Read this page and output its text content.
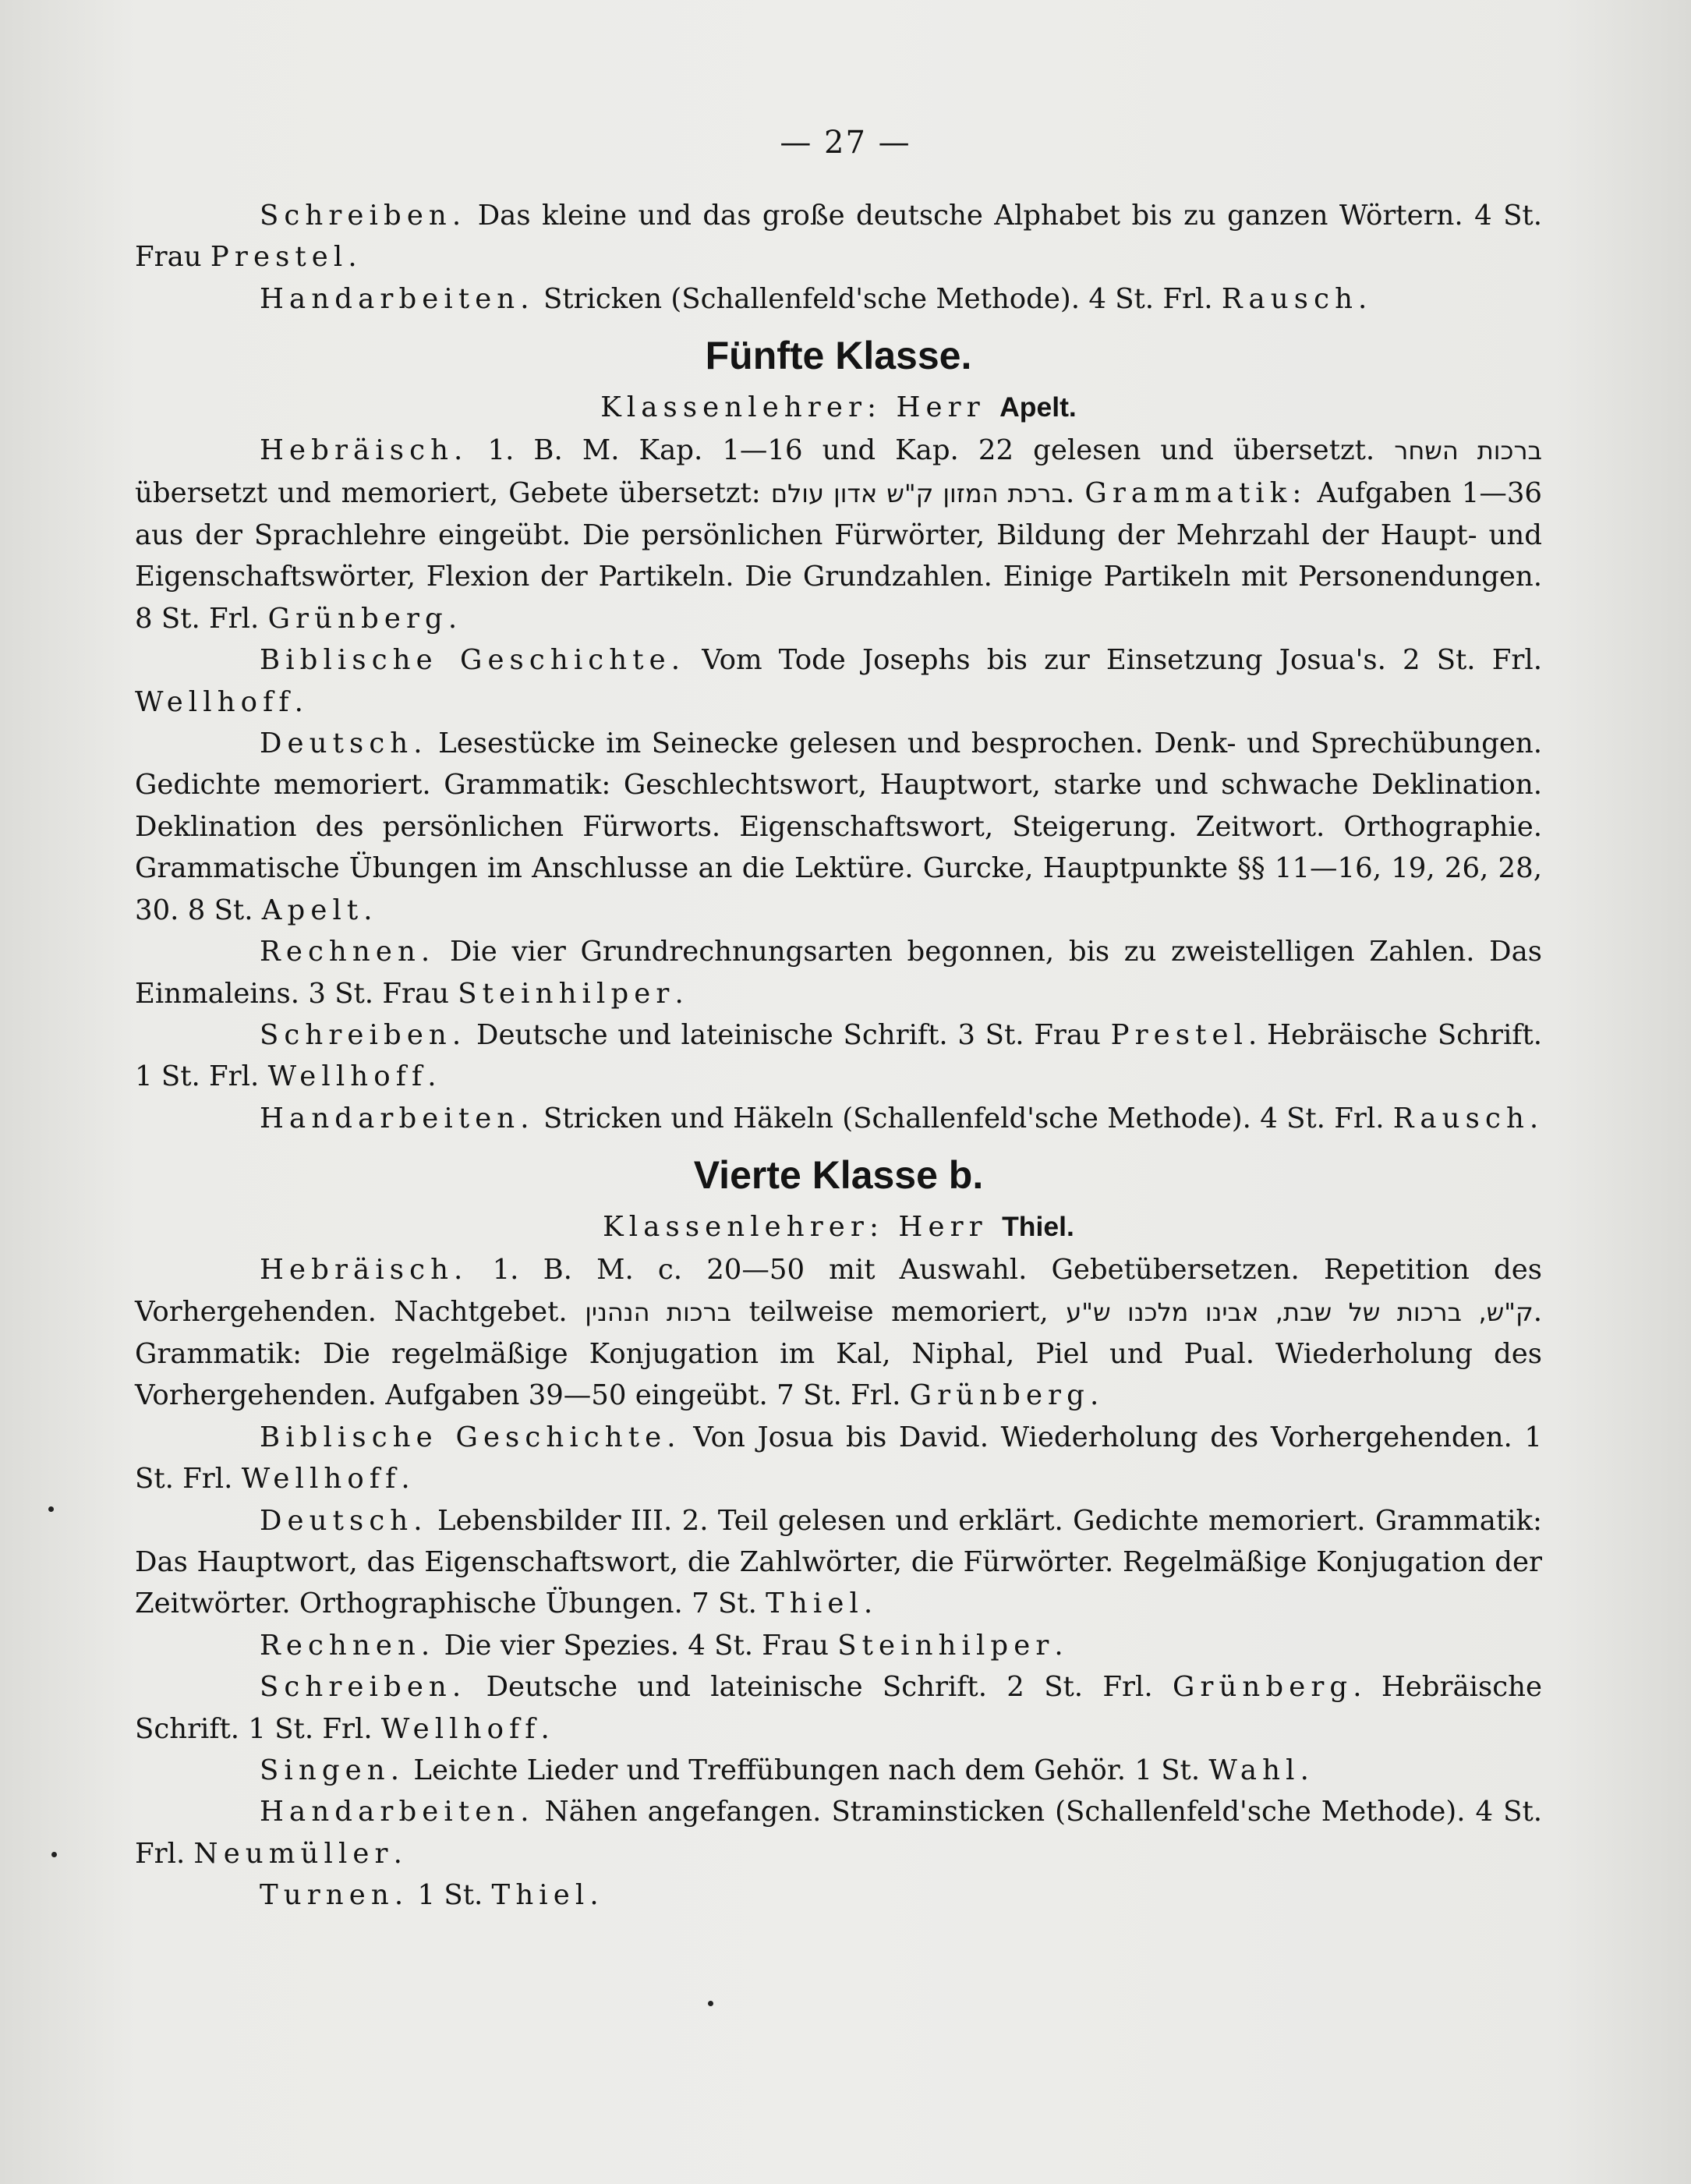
— 27 —

Schreiben. Das kleine und das große deutsche Alphabet bis zu ganzen Wörtern. 4 St. Frau Prestel.

Handarbeiten. Stricken (Schallenfeld'sche Methode). 4 St. Frl. Rausch.

Fünfte Klasse.

Klassenlehrer: Herr Apelt.

Hebräisch. 1. B. M. Kap. 1—16 und Kap. 22 gelesen und übersetzt. ברכות השחר übersetzt und memoriert, Gebete übersetzt: ברכת המזון ק"ש אדון עולם. Grammatik: Aufgaben 1—36 aus der Sprachlehre eingeübt. Die persönlichen Fürwörter, Bildung der Mehrzahl der Haupt- und Eigenschaftswörter, Flexion der Partikeln. Die Grundzahlen. Einige Partikeln mit Personendungen. 8 St. Frl. Grünberg.

Biblische Geschichte. Vom Tode Josephs bis zur Einsetzung Josua's. 2 St. Frl. Wellhoff.

Deutsch. Lesestücke im Seinecke gelesen und besprochen. Denk- und Sprechübungen. Gedichte memoriert. Grammatik: Geschlechtswort, Hauptwort, starke und schwache Deklination. Deklination des persönlichen Fürworts. Eigenschaftswort, Steigerung. Zeitwort. Orthographie. Grammatische Übungen im Anschlusse an die Lektüre. Gurcke, Hauptpunkte §§ 11—16, 19, 26, 28, 30. 8 St. Apelt.

Rechnen. Die vier Grundrechnungsarten begonnen, bis zu zweistelligen Zahlen. Das Einmaleins. 3 St. Frau Steinhilper.

Schreiben. Deutsche und lateinische Schrift. 3 St. Frau Prestel. Hebräische Schrift. 1 St. Frl. Wellhoff.

Handarbeiten. Stricken und Häkeln (Schallenfeld'sche Methode). 4 St. Frl. Rausch.

Vierte Klasse b.

Klassenlehrer: Herr Thiel.

Hebräisch. 1. B. M. c. 20—50 mit Auswahl. Gebetübersetzen. Repetition des Vorhergehenden. Nachtgebet. ברכות הנהנין teilweise memoriert, ק"ש, ברכות של שבת, אבינו מלכנו ש"ע. Grammatik: Die regelmäßige Konjugation im Kal, Niphal, Piel und Pual. Wiederholung des Vorhergehenden. Aufgaben 39—50 eingeübt. 7 St. Frl. Grünberg.

Biblische Geschichte. Von Josua bis David. Wiederholung des Vorhergehenden. 1 St. Frl. Wellhoff.

Deutsch. Lebensbilder III. 2. Teil gelesen und erklärt. Gedichte memoriert. Grammatik: Das Hauptwort, das Eigenschaftswort, die Zahlwörter, die Fürwörter. Regelmäßige Konjugation der Zeitwörter. Orthographische Übungen. 7 St. Thiel.

Rechnen. Die vier Spezies. 4 St. Frau Steinhilper.

Schreiben. Deutsche und lateinische Schrift. 2 St. Frl. Grünberg. Hebräische Schrift. 1 St. Frl. Wellhoff.

Singen. Leichte Lieder und Treffübungen nach dem Gehör. 1 St. Wahl.

Handarbeiten. Nähen angefangen. Straminsticken (Schallenfeld'sche Methode). 4 St. Frl. Neumüller.

Turnen. 1 St. Thiel.
